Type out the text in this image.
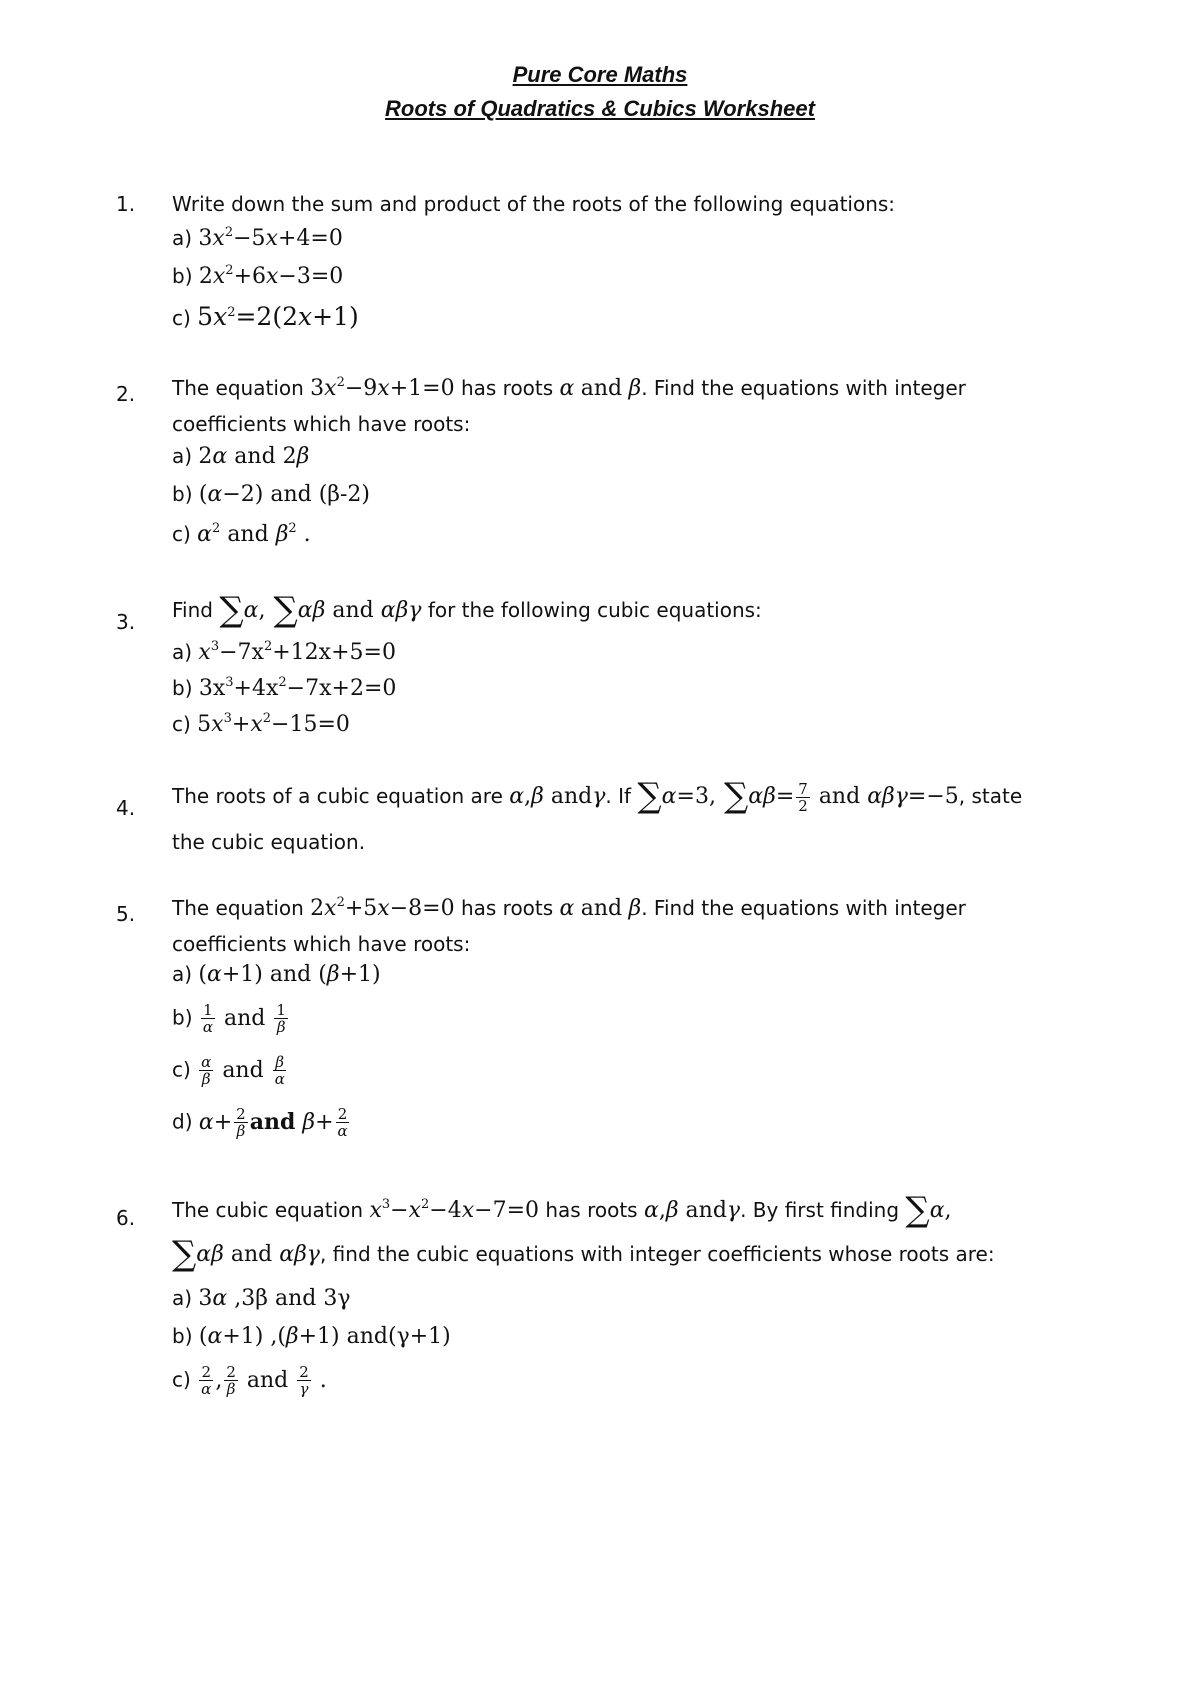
Pure Core Maths
Roots of Quadratics & Cubics Worksheet
1. Write down the sum and product of the roots of the following equations:
a) $3x^2-5x+4=0$
b) $2x^2+6x-3=0$
c) $5x^2=2(2x+1)$
2. The equation $3x^2-9x+1=0$ has roots α and β. Find the equations with integer
coefficients which have roots:
a) 2α and 2β
b) (α−2) and (β-2)
c) $\alpha^2$ and $\beta^2$ .
3. Find ∑α, ∑αβ and αβγ for the following cubic equations:
a) $x^3-7x^2+12x+5=0$
b) $3x^3+4x^2-7x+2=0$
c) $5x^3+x^2-15=0$
4. The roots of a cubic equation are α,β andγ. If ∑α=3, $\sum\alpha\beta= \frac{7}{2}$ and αβγ=−5, state
the cubic equation.
5. The equation $2x^2+5x-8=0$ has roots α and β. Find the equations with integer
coefficients which have roots:
a) (α+1) and (β+1)
$b) \frac{1}{\alpha}$ and $\frac{1}{\beta}$
$c) \frac{\alpha}{\beta}$ and $\frac{\beta}{\alpha}$
d) $\alpha+ \frac{2}{\beta}$ and $\beta+ \frac{2}{\alpha}$
6. The cubic equation $x^3-x^2-4x-7=0$ has roots α,β andγ. By first finding ∑α,
∑αβ and αβγ, find the cubic equations with integer coefficients whose roots are:
a) 3α ,3β and 3γ
b) (α+1) ,(β+1) and(γ+1)
$c) \frac{2}{\alpha}$ , $\frac{2}{\beta}$ and $\frac{2}{\gamma}$ .
